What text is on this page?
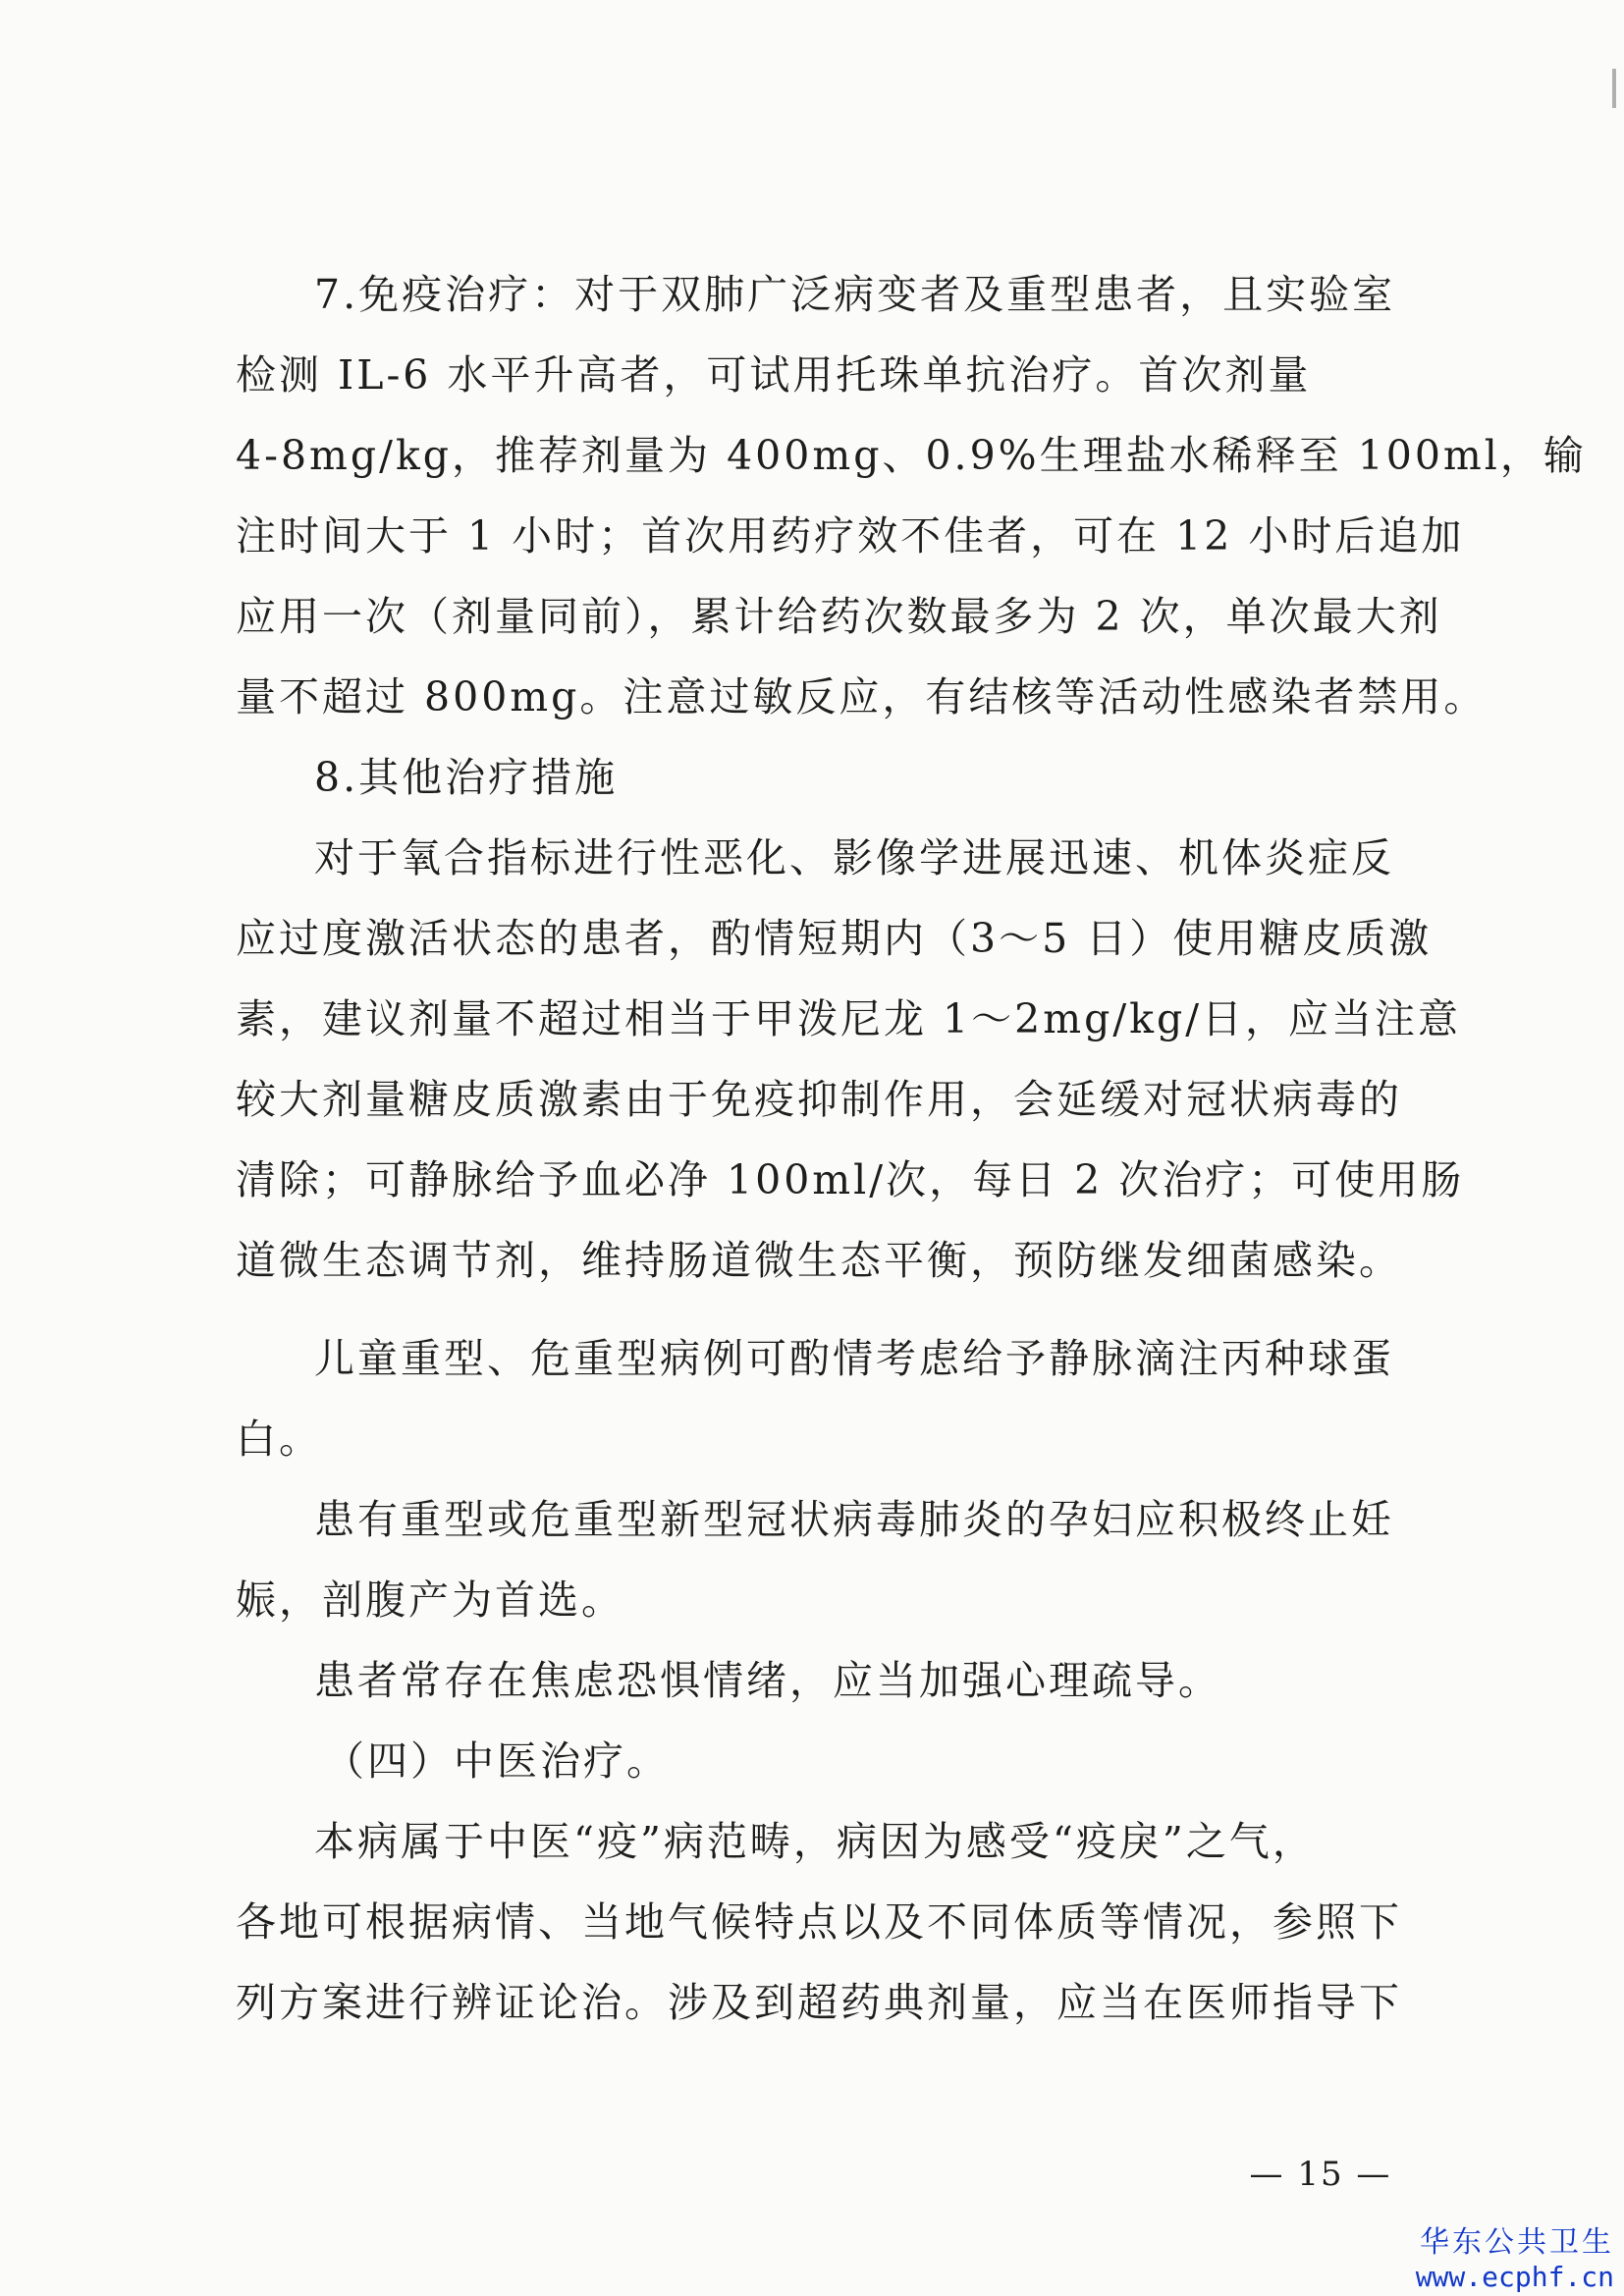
7.免疫治疗：对于双肺广泛病变者及重型患者，且实验室
检测 IL-6 水平升高者，可试用托珠单抗治疗。首次剂量
4-8mg/kg，推荐剂量为 400mg、0.9%生理盐水稀释至 100ml，输
注时间大于 1 小时；首次用药疗效不佳者，可在 12 小时后追加
应用一次（剂量同前），累计给药次数最多为 2 次，单次最大剂
量不超过 800mg。注意过敏反应，有结核等活动性感染者禁用。
8.其他治疗措施
对于氧合指标进行性恶化、影像学进展迅速、机体炎症反
应过度激活状态的患者，酌情短期内（3～5 日）使用糖皮质激
素，建议剂量不超过相当于甲泼尼龙 1～2mg/kg/日，应当注意
较大剂量糖皮质激素由于免疫抑制作用，会延缓对冠状病毒的
清除；可静脉给予血必净 100ml/次，每日 2 次治疗；可使用肠
道微生态调节剂，维持肠道微生态平衡，预防继发细菌感染。
儿童重型、危重型病例可酌情考虑给予静脉滴注丙种球蛋
白。
患有重型或危重型新型冠状病毒肺炎的孕妇应积极终止妊
娠，剖腹产为首选。
患者常存在焦虑恐惧情绪，应当加强心理疏导。
（四）中医治疗。
本病属于中医“疫”病范畴，病因为感受“疫戾”之气，
各地可根据病情、当地气候特点以及不同体质等情况，参照下
列方案进行辨证论治。涉及到超药典剂量，应当在医师指导下
— 15 —
华东公共卫生
www.ecphf.cn
